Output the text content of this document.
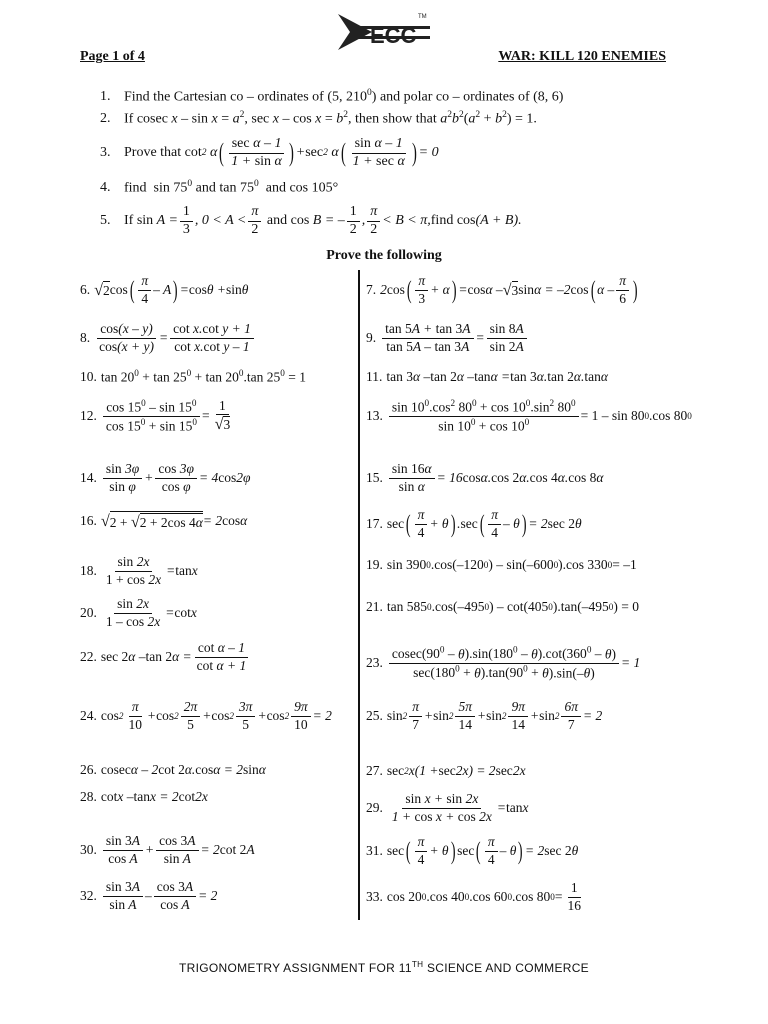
Page 1 of 4	WAR: KILL 120 ENEMIES
ECC
TM
1. Find the Cartesian co – ordinates of (5, $210^0$) and polar co – ordinates of (8, 6)
2. If cosec $x - \sin x = a^2$, $\sec x - \cos x = b^2$, then show that $a^2b^2(a^2 + b^2) = 1$.
3. Prove that cot 2 α ( $\frac{\text{sec α – 1}}{\text{1 + sin α}}$ ) + sec 2 α ( $\frac{\text{sin α – 1}}{\text{1 + sec α}}$ ) = 0
4. find  $\sin 75^0$ and $\tan 75^0$  and cos 105°
5. If $\sin A = \frac{1}{3}$ , $0 < A < \frac{\pi}{2}$
and cos B = – $\frac{1}{2}$ , $\frac{\pi}{2} < B < \pi$, find cos (A + B).
Prove the following
6. √ 2 cos ( $\frac{\pi}{4}$ – A ) = cos θ + sin θ
8. $\frac{\cos(x - y)}{\cos(x + y)} = \frac{\text{cot x.cot y + 1}}{\text{cot x.cot y – 1}}$
10. $\tan 20^0 + \tan 25^0 + \tan 20^0.\tan$ $25^0 = 1$
12. $\frac{\cos 15^0 - \sin 15^0}{\cos 15^0 + \sin 15^0} = \frac{1}{√ 3}$
14. $\frac{\sin 3\varphi}{\text{sin φ}} + \frac{\cos 3\varphi}{\text{cos φ}} = 4$ cos 2φ
16. √ 2 + √ 2 + 2cos 4α = 2 cos α
18. $\frac{\sin 2x}{1 + \cos 2x} = \tan x$
20. $\frac{\sin 2x}{1 - \cos 2x} = \cot x$
22. sec 2 α – tan 2 $\alpha = \frac{\text{cot α – 1}}{\text{cot α + 1}}$
24. $\cos 2 \frac{\pi}{10} + \cos 2 \frac{2\pi}{5} + \cos 2 \frac{3\pi}{5} + \cos 2 \frac{9\pi}{10} = 2$
26. cosec α – 2 cot 2 α. cos α = 2 sin α
28. cot x – tan x = 2 cot 2x
30. $\frac{\sin 3A}{\text{cos A}} + \frac{\cos 3A}{\text{sin A}} = 2$ cot 2 A
32. $\frac{\sin 3A}{\text{sin A}} - \frac{\cos 3A}{\text{cos A}} = 2$
7. 2 cos ( $\frac{\pi}{3} + \alpha$ ) = cos α – √ 3 sin α = –2 cos ( α – $\frac{\pi}{6}$ )
9. $\frac{\tan 5A + \tan 3A}{\tan 5A - \tan 3A} = \frac{\sin 8A}{\sin 2A}$
11. tan 3 α – tan 2 α – tan α = tan 3 α. tan 2 α. tan α
13. $\frac{\sin 10^0.\cos^2 80^0 + \cos 10^0.\sin^2 80^0}{\sin 10^0 + \cos 10^0} = 1 - \sin 80$ 0 .cos 80 0
15. $\frac{\sin 16\alpha}{\text{sin α}} = 16$ cos α. cos 2 α. cos 4 α. cos 8 α
17. sec ( $\frac{\pi}{4} + \theta$ ) . sec ( $\frac{\pi}{4}$ – θ ) = 2 sec 2 θ
19. sin 390 0 .cos(–120 0 ) – sin(–600 0 ).cos 330 0 = –1
21. tan 585 0 .cos(–495 0 ) – cot(405 0 ).tan(–495 0 ) = 0
23. $\frac{cosec(90^0 - \theta).\sin(180^0 - \theta).\cot(360^0 - \theta)}{\sec(180^0 + \theta).\tan(90^0 + \theta).\sin(-\theta)} = 1$
25. $\sin 2 \frac{\pi}{7} + \sin 2 \frac{5\pi}{14} + \sin 2 \frac{9\pi}{14} + \sin 2 \frac{6\pi}{7} = 2$
27. sec 2 x(1 + sec 2x) = 2 sec 2x
29. $\frac{\text{sin x + sin 2x}}{\text{1 + cos x + cos 2x}} = \tan x$
31. sec ( $\frac{\pi}{4} + \theta$ ) sec ( $\frac{\pi}{4}$ – θ ) = 2 sec 2 θ
33. cos 20 0 .cos 40 0 .cos 60 0 .cos 80 $0 = \frac{1}{16}$
TRIGONOMETRY ASSIGNMENT FOR 11TH SCIENCE AND COMMERCE
